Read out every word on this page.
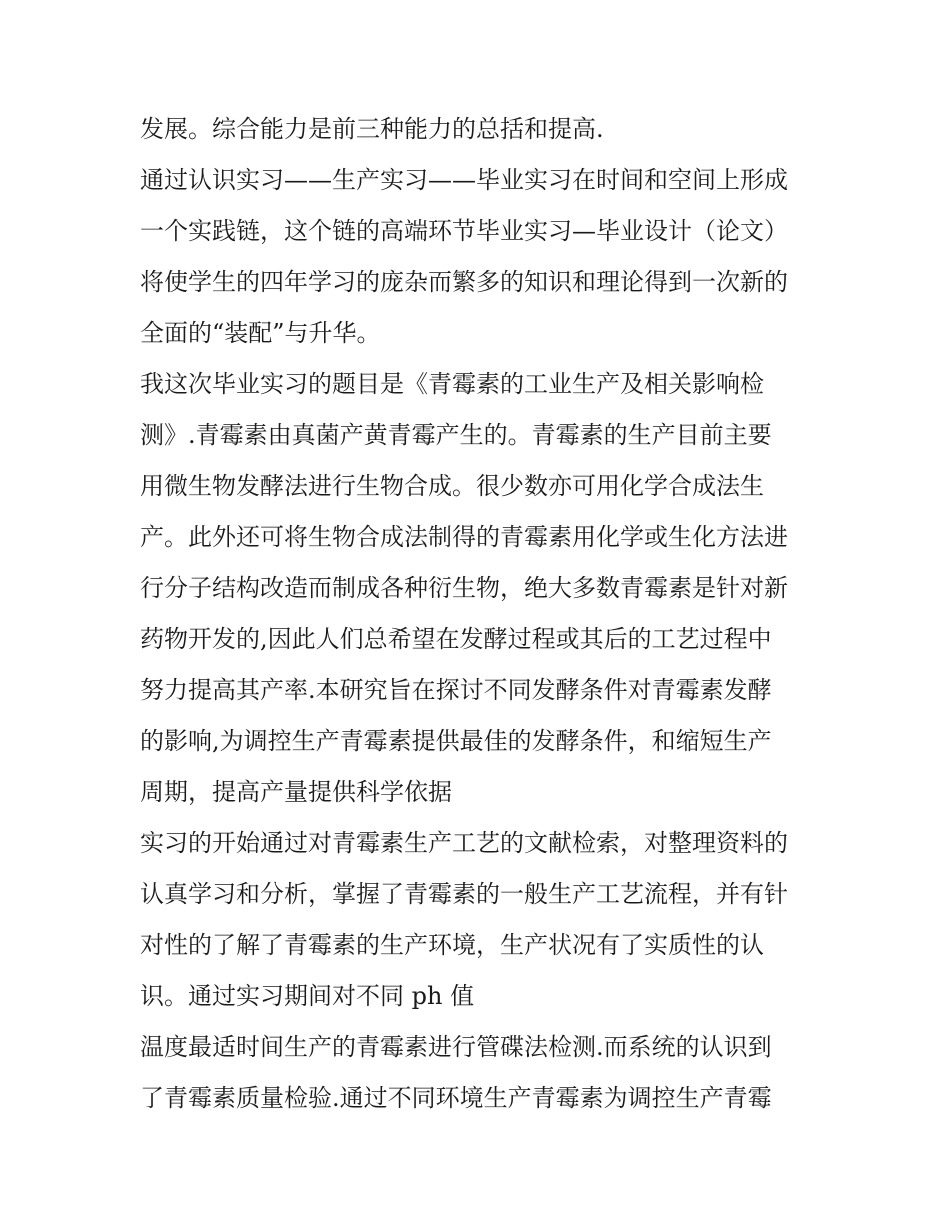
发展。综合能力是前三种能力的总括和提高.
通过认识实习——生产实习——毕业实习在时间和空间上形成
一个实践链，这个链的高端环节毕业实习—毕业设计（论文）
将使学生的四年学习的庞杂而繁多的知识和理论得到一次新的
全面的“装配”与升华。
我这次毕业实习的题目是《青霉素的工业生产及相关影响检
测》.青霉素由真菌产黄青霉产生的。青霉素的生产目前主要
用微生物发酵法进行生物合成。很少数亦可用化学合成法生
产。此外还可将生物合成法制得的青霉素用化学或生化方法进
行分子结构改造而制成各种衍生物，绝大多数青霉素是针对新
药物开发的,因此人们总希望在发酵过程或其后的工艺过程中
努力提高其产率.本研究旨在探讨不同发酵条件对青霉素发酵
的影响,为调控生产青霉素提供最佳的发酵条件，和缩短生产
周期，提高产量提供科学依据
实习的开始通过对青霉素生产工艺的文献检索，对整理资料的
认真学习和分析，掌握了青霉素的一般生产工艺流程，并有针
对性的了解了青霉素的生产环境，生产状况有了实质性的认
识。通过实习期间对不同 ph 值
温度最适时间生产的青霉素进行管碟法检测.而系统的认识到
了青霉素质量检验.通过不同环境生产青霉素为调控生产青霉
